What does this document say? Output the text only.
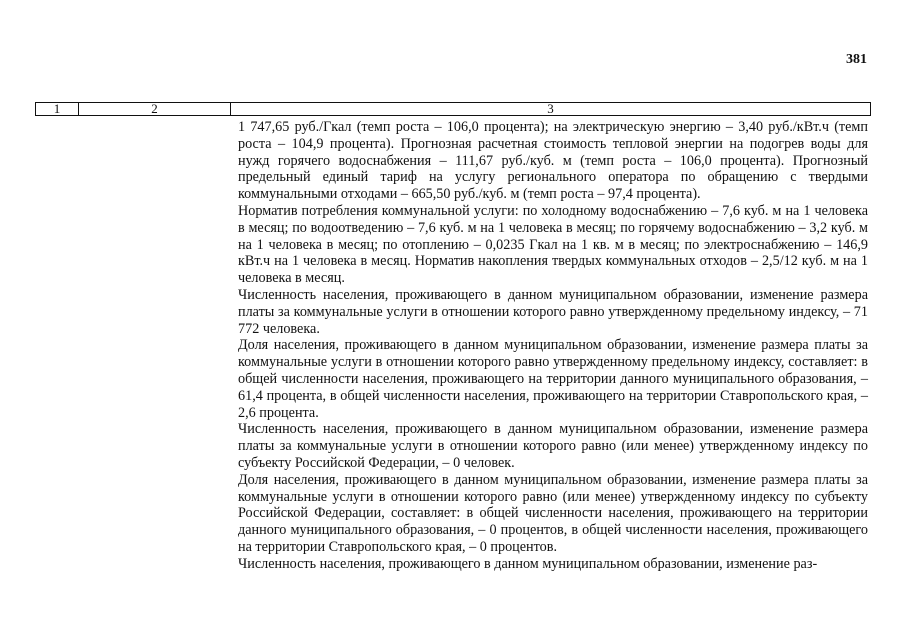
381
1	2	3

1 747,65 руб./Гкал (темп роста – 106,0 процента); на электрическую энергию – 3,40 руб./кВт.ч (темп роста – 104,9 процента). Прогнозная расчетная стоимость тепловой энергии на подогрев воды для нужд горячего водоснабжения – 111,67 руб./куб. м (темп роста – 106,0 процента). Прогнозный предельный единый тариф на услугу регионального оператора по обращению с твердыми коммунальными отходами – 665,50 руб./куб. м (темп роста – 97,4 процента).

Норматив потребления коммунальной услуги: по холодному водоснабжению – 7,6 куб. м на 1 человека в месяц; по водоотведению – 7,6 куб. м на 1 человека в месяц; по горячему водоснабжению – 3,2 куб. м на 1 человека в месяц; по отоплению – 0,0235 Гкал на 1 кв. м в месяц; по электроснабжению – 146,9 кВт.ч на 1 человека в месяц. Норматив накопления твердых коммунальных отходов – 2,5/12 куб. м на 1 человека в месяц.

Численность населения, проживающего в данном муниципальном образовании, изменение размера платы за коммунальные услуги в отношении которого равно утвержденному предельному индексу, – 71 772 человека.

Доля населения, проживающего в данном муниципальном образовании, изменение размера платы за коммунальные услуги в отношении которого равно утвержденному предельному индексу, составляет: в общей численности населения, проживающего на территории данного муниципального образования, – 61,4 процента, в общей численности населения, проживающего на территории Ставропольского края, – 2,6 процента.

Численность населения, проживающего в данном муниципальном образовании, изменение размера платы за коммунальные услуги в отношении которого равно (или менее) утвержденному индексу по субъекту Российской Федерации, – 0 человек.

Доля населения, проживающего в данном муниципальном образовании, изменение размера платы за коммунальные услуги в отношении которого равно (или менее) утвержденному индексу по субъекту Российской Федерации, составляет: в общей численности населения, проживающего на территории данного муниципального образования, – 0 процентов, в общей численности населения, проживающего на территории Ставропольского края, – 0 процентов.

Численность населения, проживающего в данном муниципальном образовании, изменение раз-
